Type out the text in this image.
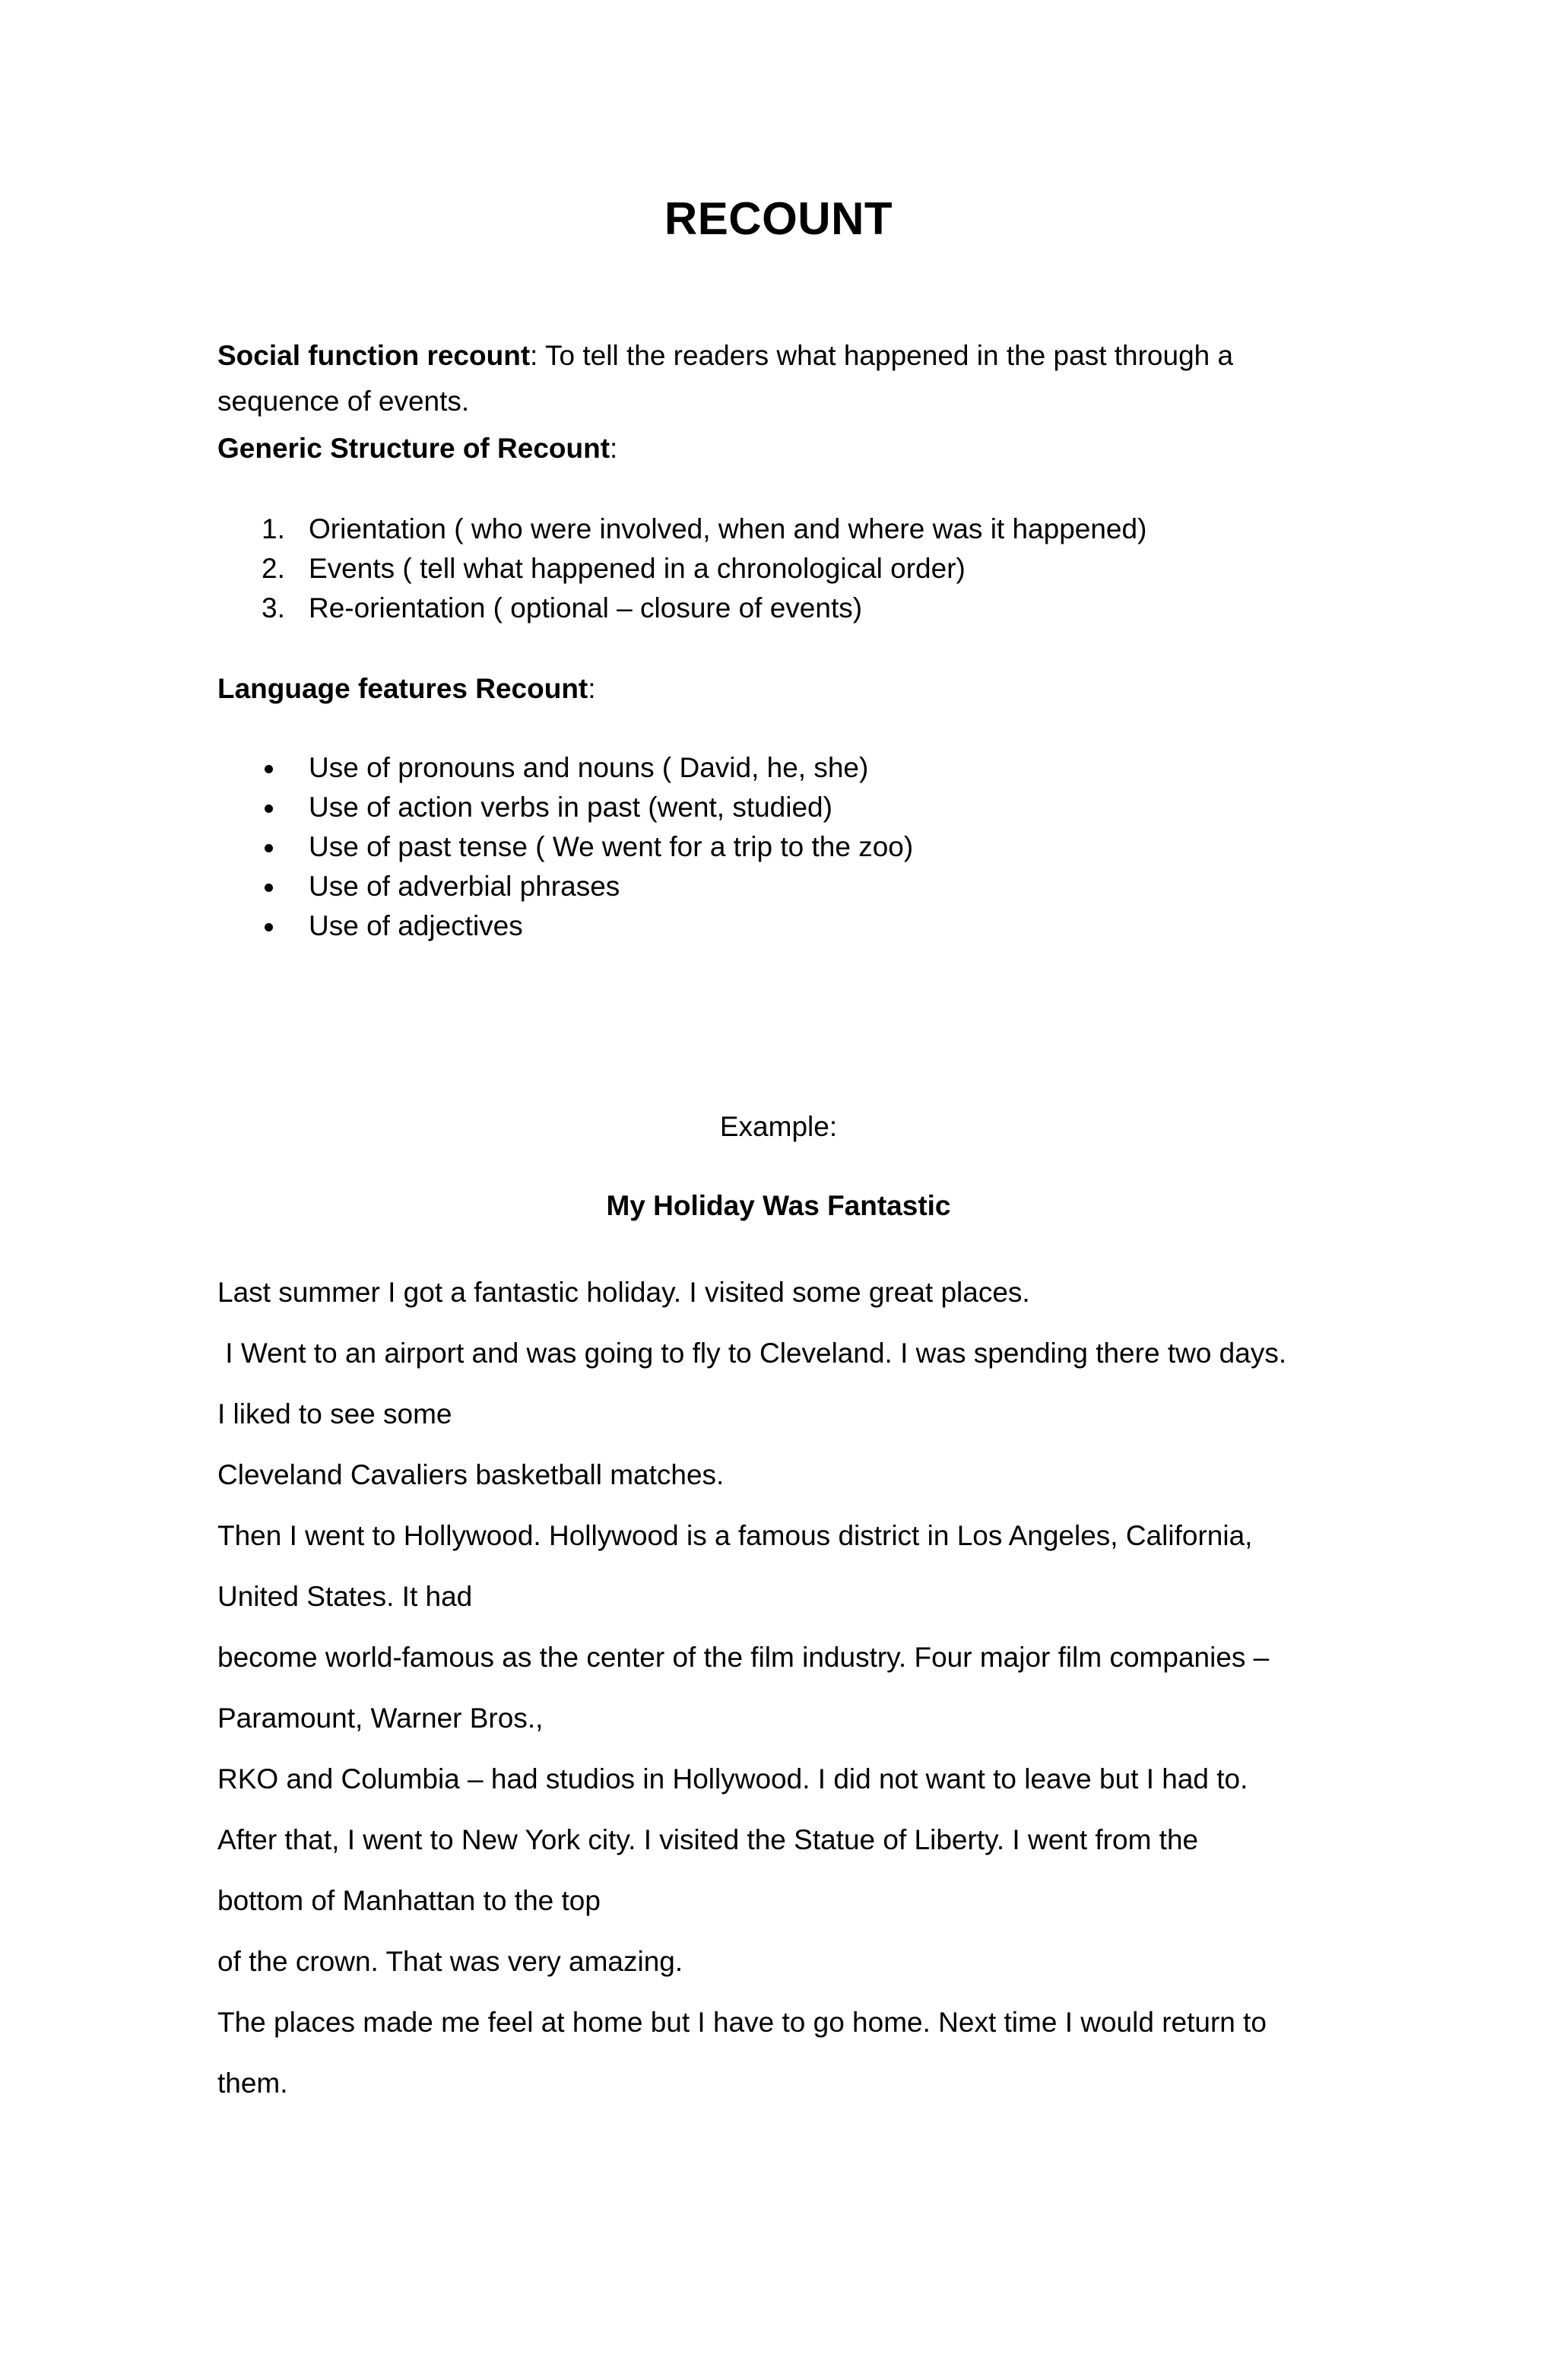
RECOUNT
Social function recount: To tell the readers what happened in the past through a
sequence of events.
Generic Structure of Recount:
1. Orientation ( who were involved, when and where was it happened)
2. Events ( tell what happened in a chronological order)
3. Re-orientation ( optional – closure of events)
Language features Recount:
Use of pronouns and nouns ( David, he, she)
Use of action verbs in past (went, studied)
Use of past tense ( We went for a trip to the zoo)
Use of adverbial phrases
Use of adjectives
Example:
My Holiday Was Fantastic
Last summer I got a fantastic holiday. I visited some great places.
I Went to an airport and was going to fly to Cleveland. I was spending there two days.
I liked to see some
Cleveland Cavaliers basketball matches.
Then I went to Hollywood. Hollywood is a famous district in Los Angeles, California,
United States. It had
become world-famous as the center of the film industry. Four major film companies –
Paramount, Warner Bros.,
RKO and Columbia – had studios in Hollywood. I did not want to leave but I had to.
After that, I went to New York city. I visited the Statue of Liberty. I went from the
bottom of Manhattan to the top
of the crown. That was very amazing.
The places made me feel at home but I have to go home. Next time I would return to
them.
